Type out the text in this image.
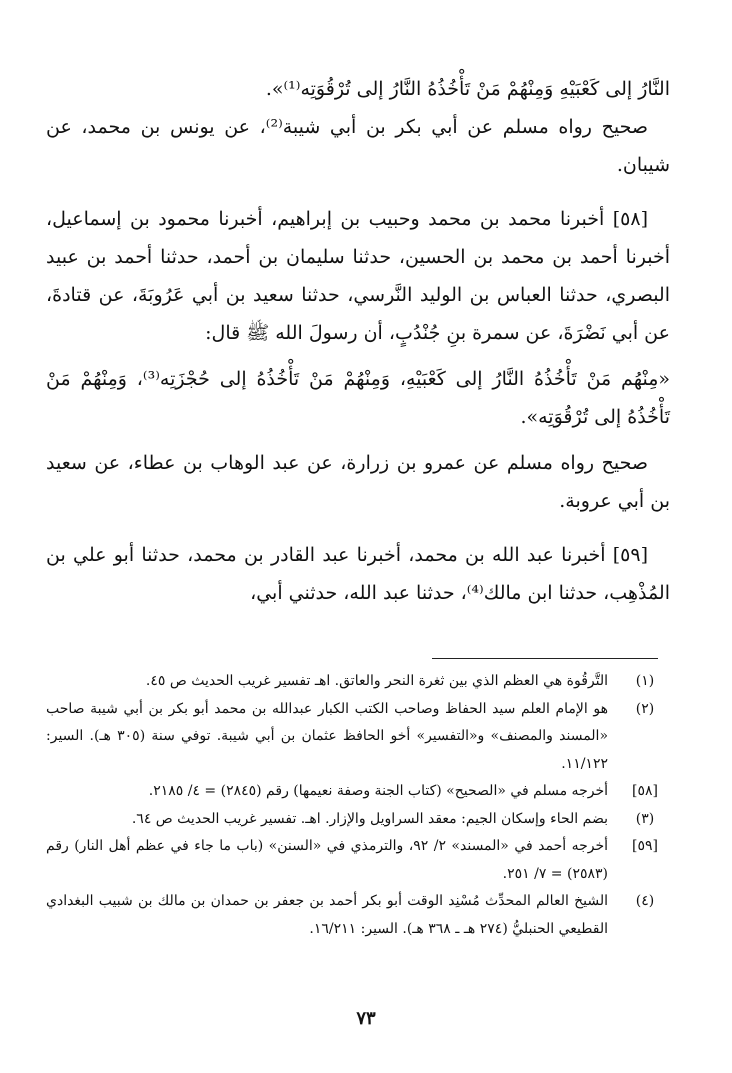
النَّارُ إلى كَعْبَيْهِ وَمِنْهُمْ مَنْ تَأْخُذُهُ النَّارُ إلى تُرْقُوَتِه⁽¹⁾».

صحيح رواه مسلم عن أبي بكر بن أبي شيبة⁽²⁾، عن يونس بن محمد، عن شيبان.

[٥٨] أخبرنا محمد بن محمد وحبيب بن إبراهيم، أخبرنا محمود بن إسماعيل، أخبرنا أحمد بن محمد بن الحسين، حدثنا سليمان بن أحمد، حدثنا أحمد بن عبيد البصري، حدثنا العباس بن الوليد النَّرسي، حدثنا سعيد بن أبي عَرُوبَةَ، عن قتادةَ، عن أبي نَضْرَةَ، عن سمرة بنِ جُنْدُبٍ، أن رسولَ الله ﷺ قال:

«مِنْهُم مَنْ تَأْخُذُهُ النَّارُ إلى كَعْبَيْهِ، وَمِنْهُمْ مَنْ تَأْخُذُهُ إلى حُجْزَتِه⁽³⁾، وَمِنْهُمْ مَنْ تَأْخُذُهُ إلى تُرْقُوَتِه».

صحيح رواه مسلم عن عمرو بن زرارة، عن عبد الوهاب بن عطاء، عن سعيد بن أبي عروبة.

[٥٩] أخبرنا عبد الله بن محمد، أخبرنا عبد القادر بن محمد، حدثنا أبو علي بن المُذْهِب، حدثنا ابن مالك⁽⁴⁾، حدثنا عبد الله، حدثني أبي،

(١)
التَّرقُوة هي العظم الذي بين ثغرة النحر والعاتق. اهـ تفسير غريب الحديث ص ٤٥.
(٢)
هو الإمام العلم سيد الحفاظ وصاحب الكتب الكبار عبدالله بن محمد أبو بكر بن أبي شيبة صاحب «المسند والمصنف» و«التفسير» أخو الحافظ عثمان بن أبي شيبة. توفي سنة (٣٠٥ هـ). السير: ١١/١٢٢.
[٥٨]
أخرجه مسلم في «الصحيح» (كتاب الجنة وصفة نعيمها) رقم (٢٨٤٥) = ٤/ ٢١٨٥.
(٣)
بضم الحاء وإسكان الجيم: معقد السراويل والإزار. اهـ. تفسير غريب الحديث ص ٦٤.
[٥٩]
أخرجه أحمد في «المسند» ٢/ ٩٢، والترمذي في «السنن» (باب ما جاء في عظم أهل النار) رقم (٢٥٨٣) = ٧/ ٢٥١.
(٤)
الشيخ العالم المحدِّث مُسْنِد الوقت أبو بكر أحمد بن جعفر بن حمدان بن مالك بن شبيب البغدادي القطيعي الحنبليُّ (٢٧٤ هـ ـ ٣٦٨ هـ). السير: ١٦/٢١١.
٧٣
